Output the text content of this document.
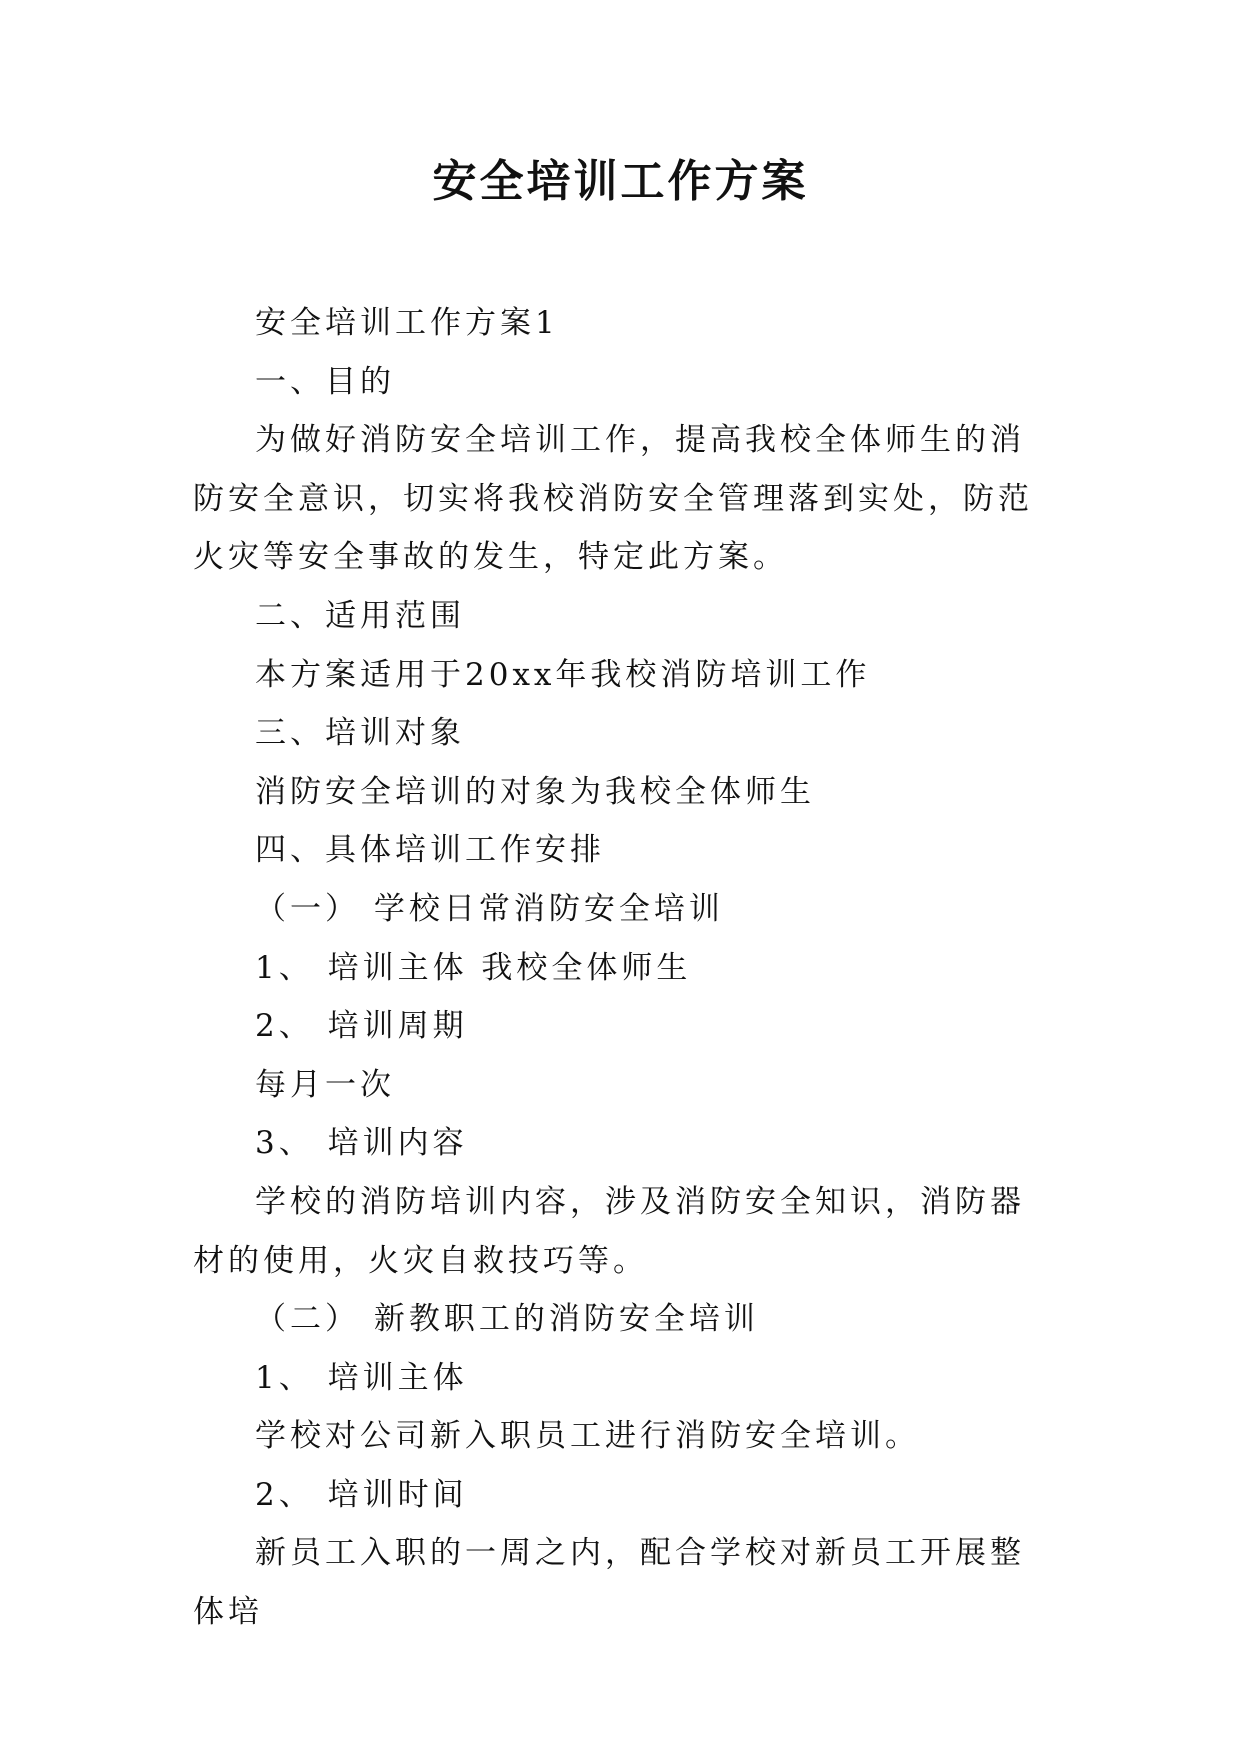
安全培训工作方案

安全培训工作方案1

一、目的

为做好消防安全培训工作，提高我校全体师生的消防安全意识，切实将我校消防安全管理落到实处，防范火灾等安全事故的发生，特定此方案。

二、适用范围

本方案适用于20xx年我校消防培训工作

三、培训对象

消防安全培训的对象为我校全体师生

四、具体培训工作安排

（一） 学校日常消防安全培训

1、 培训主体 我校全体师生

2、 培训周期

每月一次

3、 培训内容

学校的消防培训内容，涉及消防安全知识，消防器材的使用，火灾自救技巧等。

（二） 新教职工的消防安全培训

1、 培训主体

学校对公司新入职员工进行消防安全培训。

2、 培训时间

新员工入职的一周之内，配合学校对新员工开展整体培
